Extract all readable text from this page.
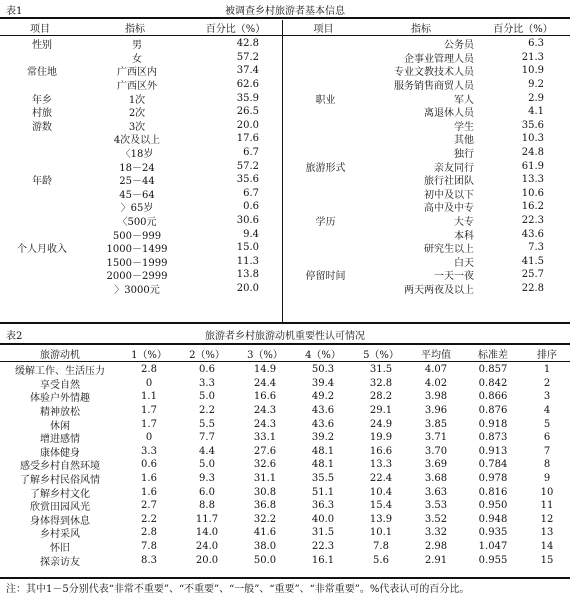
表1	被调查乡村旅游者基本信息
项目	指标	百分比（%）	项目	指标	百分比（%）
性别	男	42.8
女	57.2
常住地	广西区内	37.4
广西区外	62.6
年乡	1次	35.9
村旅	2次	26.5
游数	3次	20.0
4次及以上	17.6
〈18岁	6.7
18－24	57.2
年龄	25－44	35.6
45－64	6.7
〉65岁	0.6
〈500元	30.6
500－999	9.4
个人月收入	1000－1499	15.0
1500－1999	11.3
2000－2999	13.8
〉3000元	20.0
公务员	6.3
企事业管理人员	21.3
专业文教技术人员	10.9
服务销售商贸人员	9.2
职业	军人	2.9
离退休人员	4.1
学生	35.6
其他	10.3
独行	24.8
旅游形式	亲友同行	61.9
旅行社团队	13.3
初中及以下	10.6
高中及中专	16.2
学历	大专	22.3
本科	43.6
研究生以上	7.3
白天	41.5
停留时间	一天一夜	25.7
两天两夜及以上	22.8
表2	旅游者乡村旅游动机重要性认可情况
旅游动机	1（%）	2（%）	3（%）	4（%）	5（%）	平均值	标准差	排序
缓解工作、生活压力	2.8	0.6	14.9	50.3	31.5	4.07	0.857	1
享受自然	0	3.3	24.4	39.4	32.8	4.02	0.842	2
体验户外情趣	1.1	5.0	16.6	49.2	28.2	3.98	0.866	3
精神放松	1.7	2.2	24.3	43.6	29.1	3.96	0.876	4
休闲	1.7	5.5	24.3	43.6	24.9	3.85	0.918	5
增进感情	0	7.7	33.1	39.2	19.9	3.71	0.873	6
康体健身	3.3	4.4	27.6	48.1	16.6	3.70	0.913	7
感受乡村自然环境	0.6	5.0	32.6	48.1	13.3	3.69	0.784	8
了解乡村民俗风情	1.6	9.3	31.1	35.5	22.4	3.68	0.978	9
了解乡村文化	1.6	6.0	30.8	51.1	10.4	3.63	0.816	10
欣赏田园风光	2.7	8.8	36.8	36.3	15.4	3.53	0.950	11
身体得到休息	2.2	11.7	32.2	40.0	13.9	3.52	0.948	12
乡村采风	2.8	14.0	41.6	31.5	10.1	3.32	0.935	13
怀旧	7.8	24.0	38.0	22.3	7.8	2.98	1.047	14
探亲访友	8.3	20.0	50.0	16.1	5.6	2.91	0.955	15
注：其中1－5分别代表“非常不重要”、“不重要”、“一般”、“重要”、“非常重要”。%代表认可的百分比。
